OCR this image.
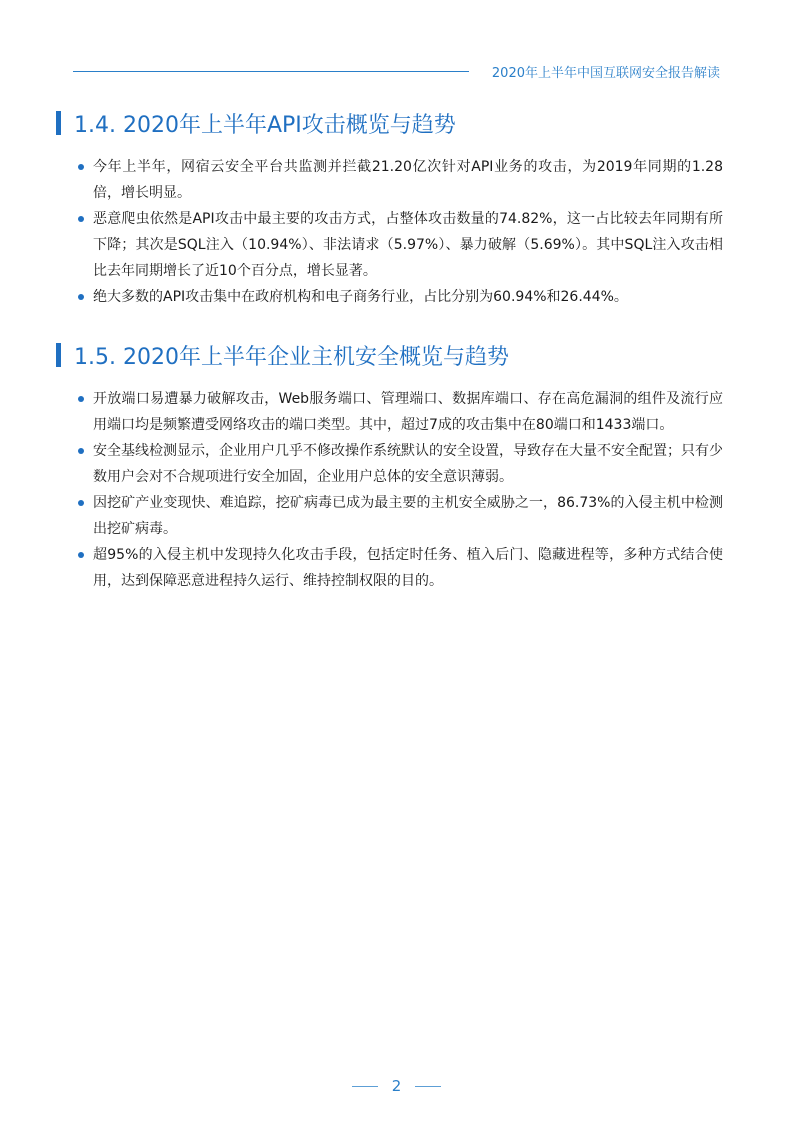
2020年上半年中国互联网安全报告解读
1.4. 2020年上半年API攻击概览与趋势
今年上半年，网宿云安全平台共监测并拦截21.20亿次针对API业务的攻击，为2019年同期的1.28倍，增长明显。
恶意爬虫依然是API攻击中最主要的攻击方式，占整体攻击数量的74.82%，这一占比较去年同期有所下降；其次是SQL注入（10.94%）、非法请求（5.97%）、暴力破解（5.69%）。其中SQL注入攻击相比去年同期增长了近10个百分点，增长显著。
绝大多数的API攻击集中在政府机构和电子商务行业，占比分别为60.94%和26.44%。
1.5. 2020年上半年企业主机安全概览与趋势
开放端口易遭暴力破解攻击，Web服务端口、管理端口、数据库端口、存在高危漏洞的组件及流行应用端口均是频繁遭受网络攻击的端口类型。其中，超过7成的攻击集中在80端口和1433端口。
安全基线检测显示，企业用户几乎不修改操作系统默认的安全设置，导致存在大量不安全配置；只有少数用户会对不合规项进行安全加固，企业用户总体的安全意识薄弱。
因挖矿产业变现快、难追踪，挖矿病毒已成为最主要的主机安全威胁之一，86.73%的入侵主机中检测出挖矿病毒。
超95%的入侵主机中发现持久化攻击手段，包括定时任务、植入后门、隐藏进程等，多种方式结合使用，达到保障恶意进程持久运行、维持控制权限的目的。
2
